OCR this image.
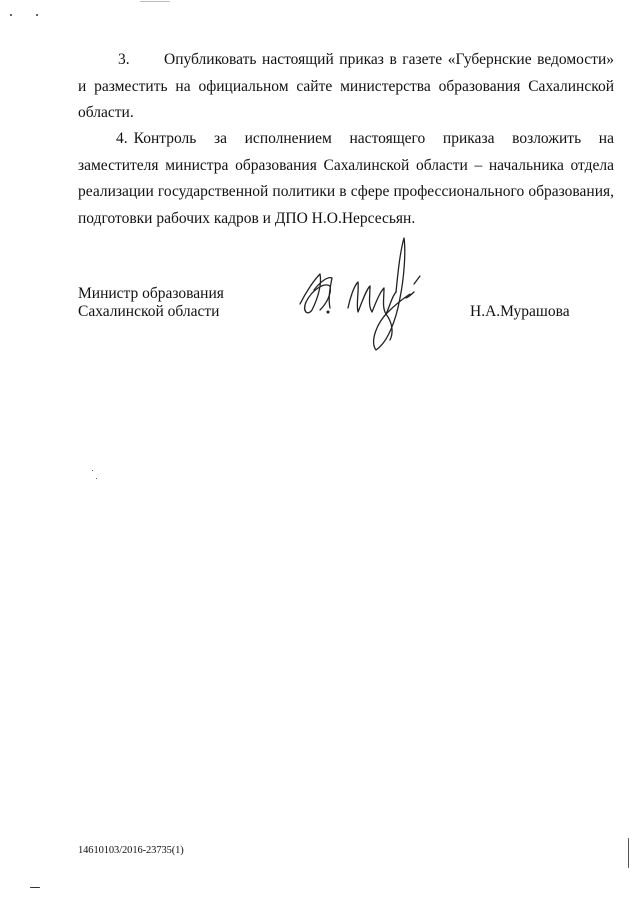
3. Опубликовать настоящий приказ в газете «Губернские ведомости» и разместить на официальном сайте министерства образования Сахалинской области.

4. Контроль за исполнением настоящего приказа возложить на заместителя министра образования Сахалинской области – начальника отдела реализации государственной политики в сфере профессионального образования, подготовки рабочих кадров и ДПО Н.О.Нерсесьян.

Министр образования
Сахалинской области	Н.А.Мурашова
14610103/2016-23735(1)
